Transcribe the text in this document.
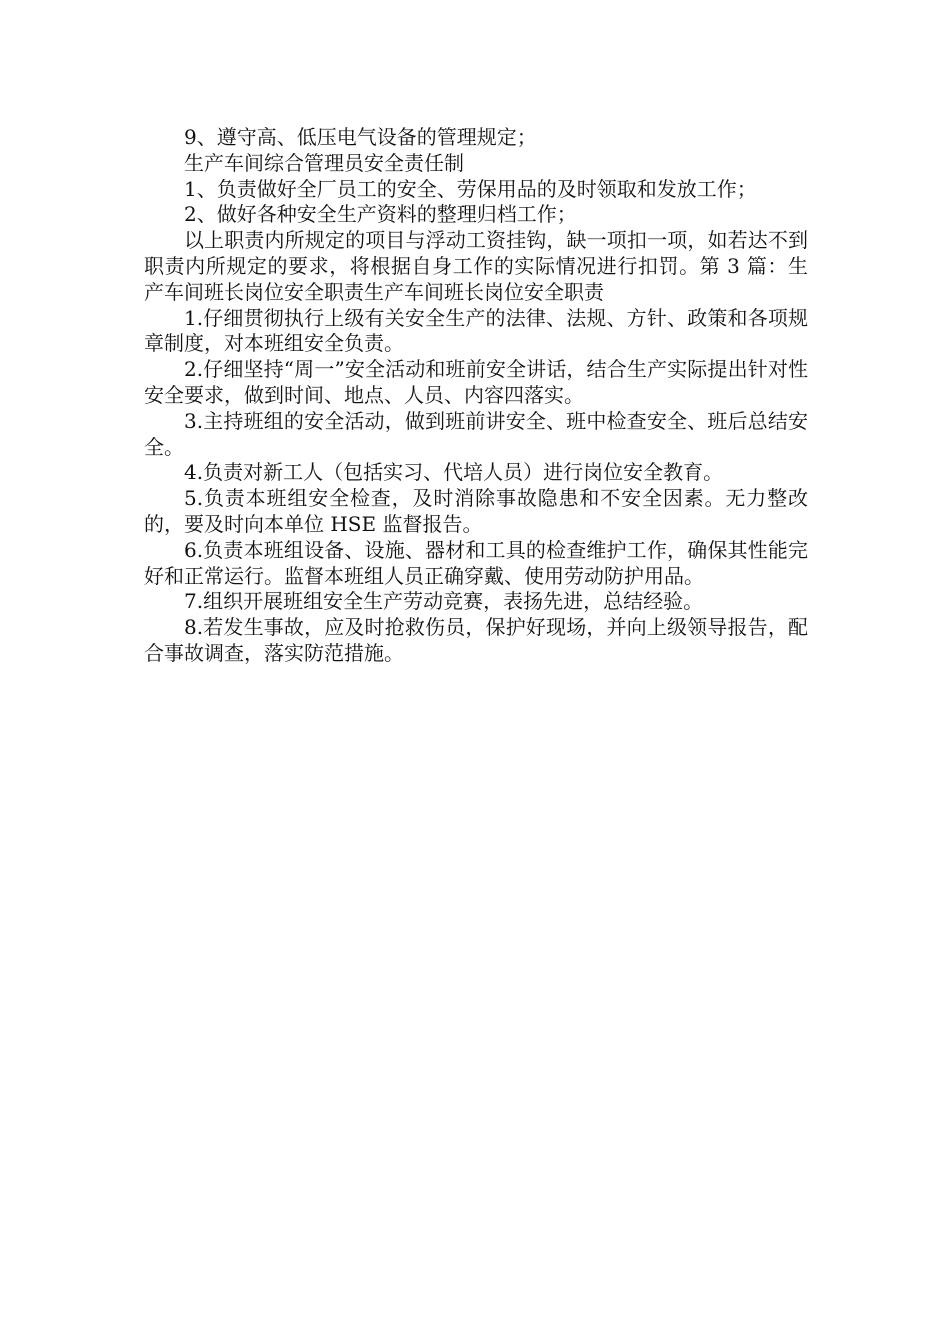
9、遵守高、低压电气设备的管理规定；

生产车间综合管理员安全责任制

1、负责做好全厂员工的安全、劳保用品的及时领取和发放工作；

2、做好各种安全生产资料的整理归档工作；

以上职责内所规定的项目与浮动工资挂钩，缺一项扣一项，如若达不到职责内所规定的要求，将根据自身工作的实际情况进行扣罚。第 3 篇：生产车间班长岗位安全职责生产车间班长岗位安全职责

1.仔细贯彻执行上级有关安全生产的法律、法规、方针、政策和各项规章制度，对本班组安全负责。

2.仔细坚持“周一”安全活动和班前安全讲话，结合生产实际提出针对性安全要求，做到时间、地点、人员、内容四落实。

3.主持班组的安全活动，做到班前讲安全、班中检查安全、班后总结安全。

4.负责对新工人（包括实习、代培人员）进行岗位安全教育。

5.负责本班组安全检查，及时消除事故隐患和不安全因素。无力整改的，要及时向本单位 HSE 监督报告。

6.负责本班组设备、设施、器材和工具的检查维护工作，确保其性能完好和正常运行。监督本班组人员正确穿戴、使用劳动防护用品。

7.组织开展班组安全生产劳动竞赛，表扬先进，总结经验。

8.若发生事故，应及时抢救伤员，保护好现场，并向上级领导报告，配合事故调查，落实防范措施。
